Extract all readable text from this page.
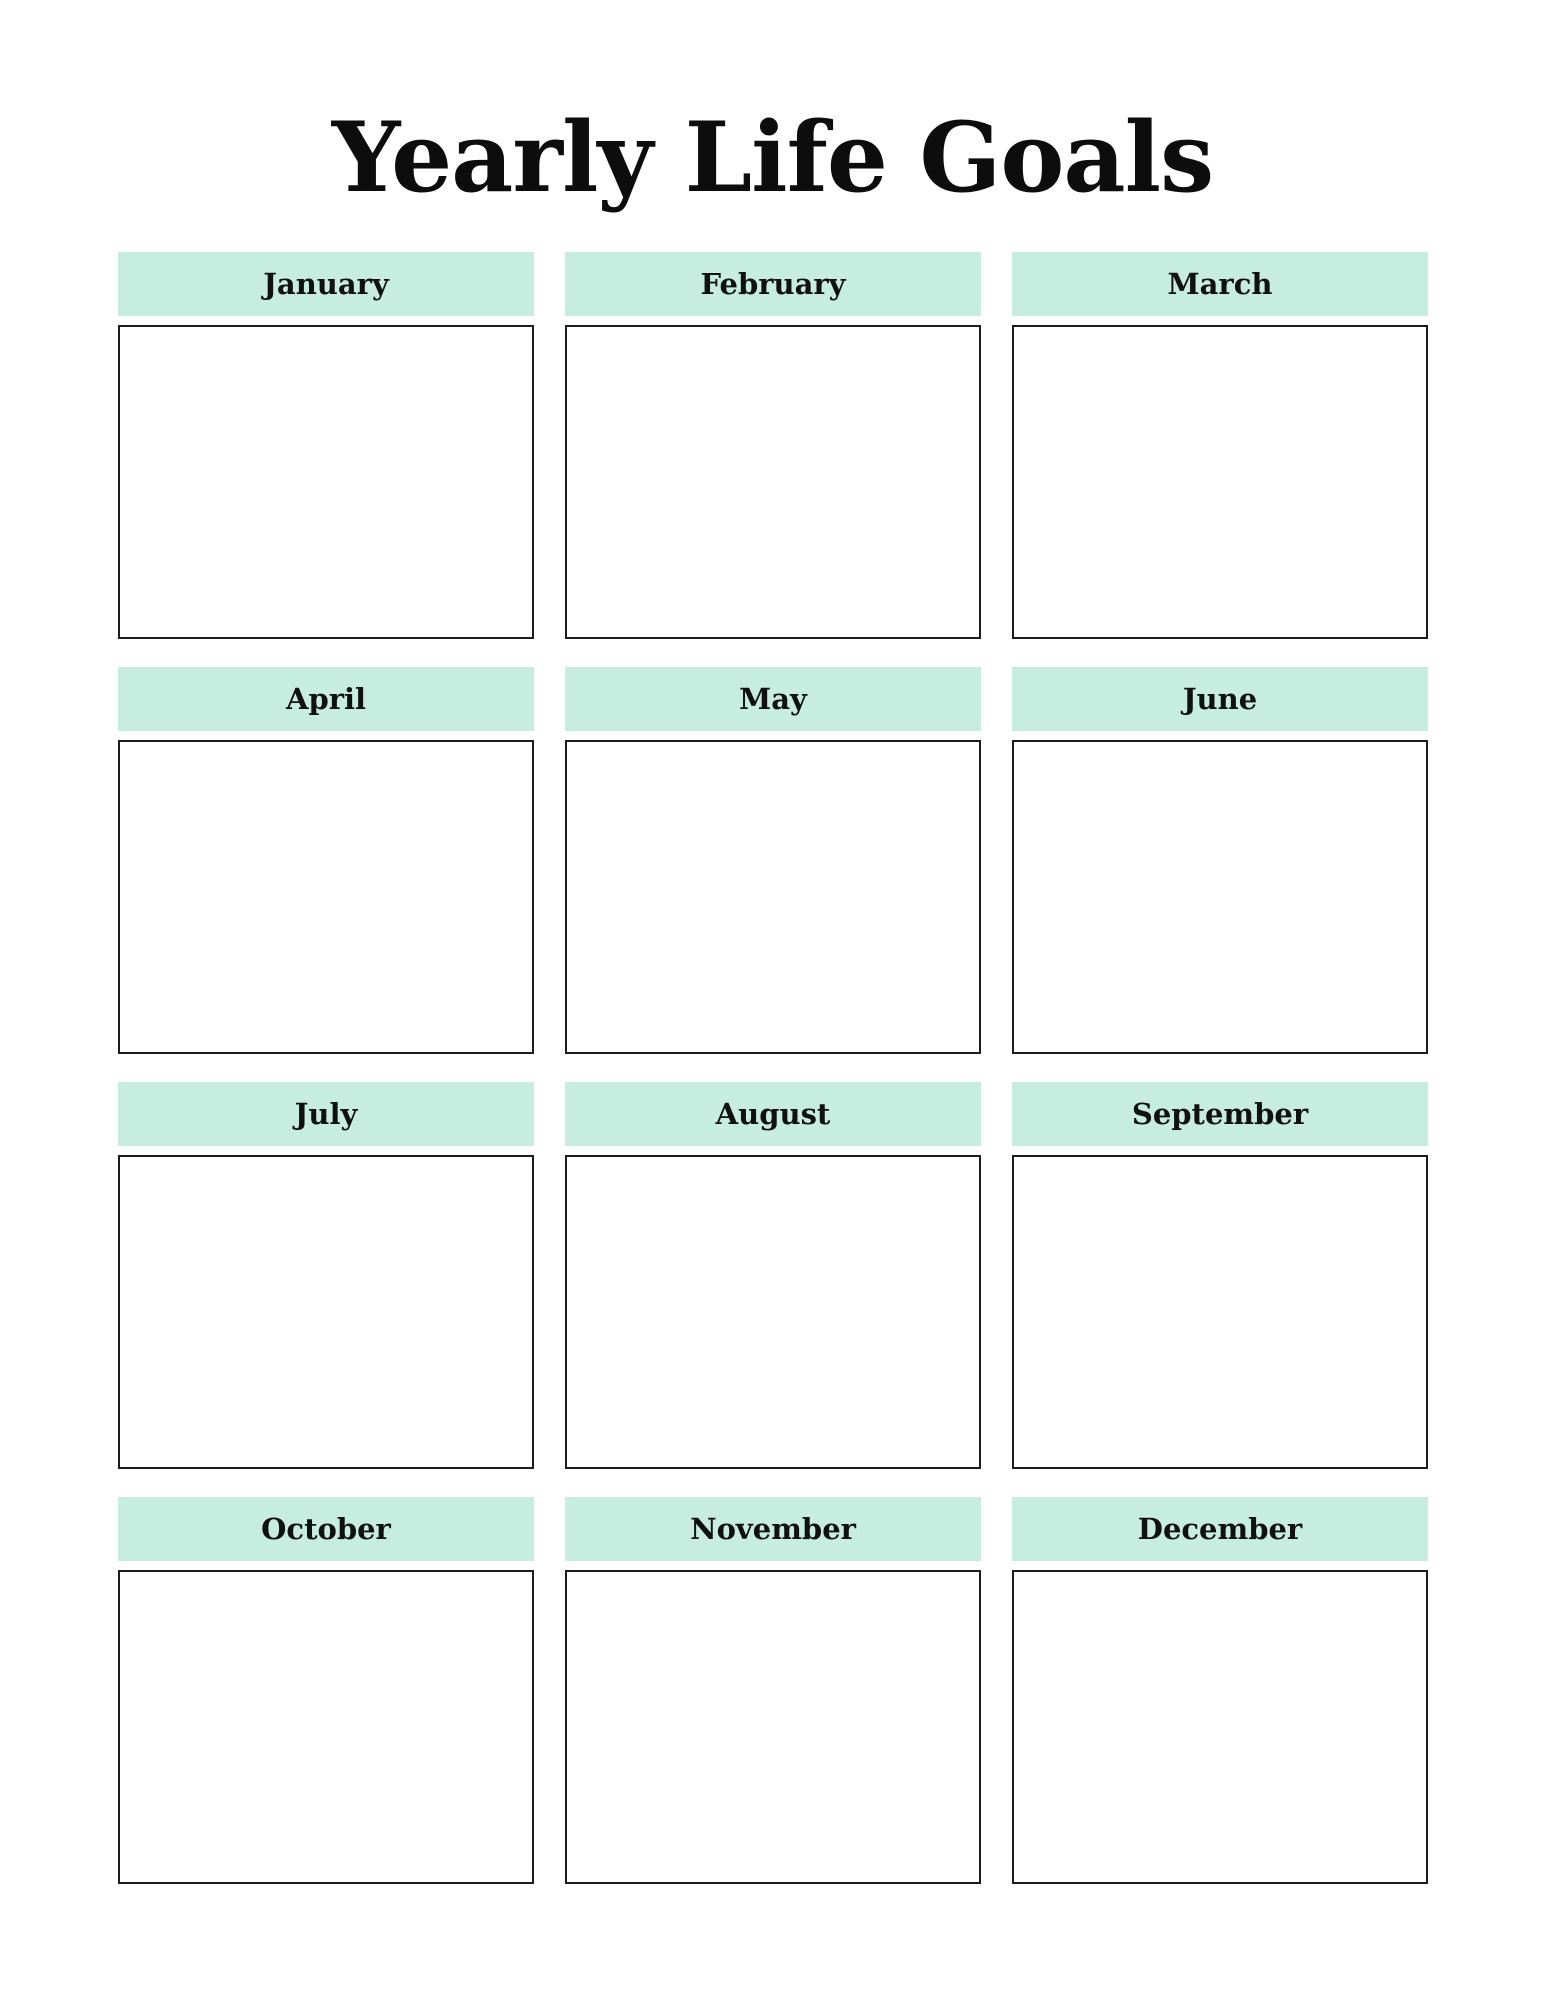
Yearly Life Goals
January	February	March
April	May	June
July	August	September
October	November	December
